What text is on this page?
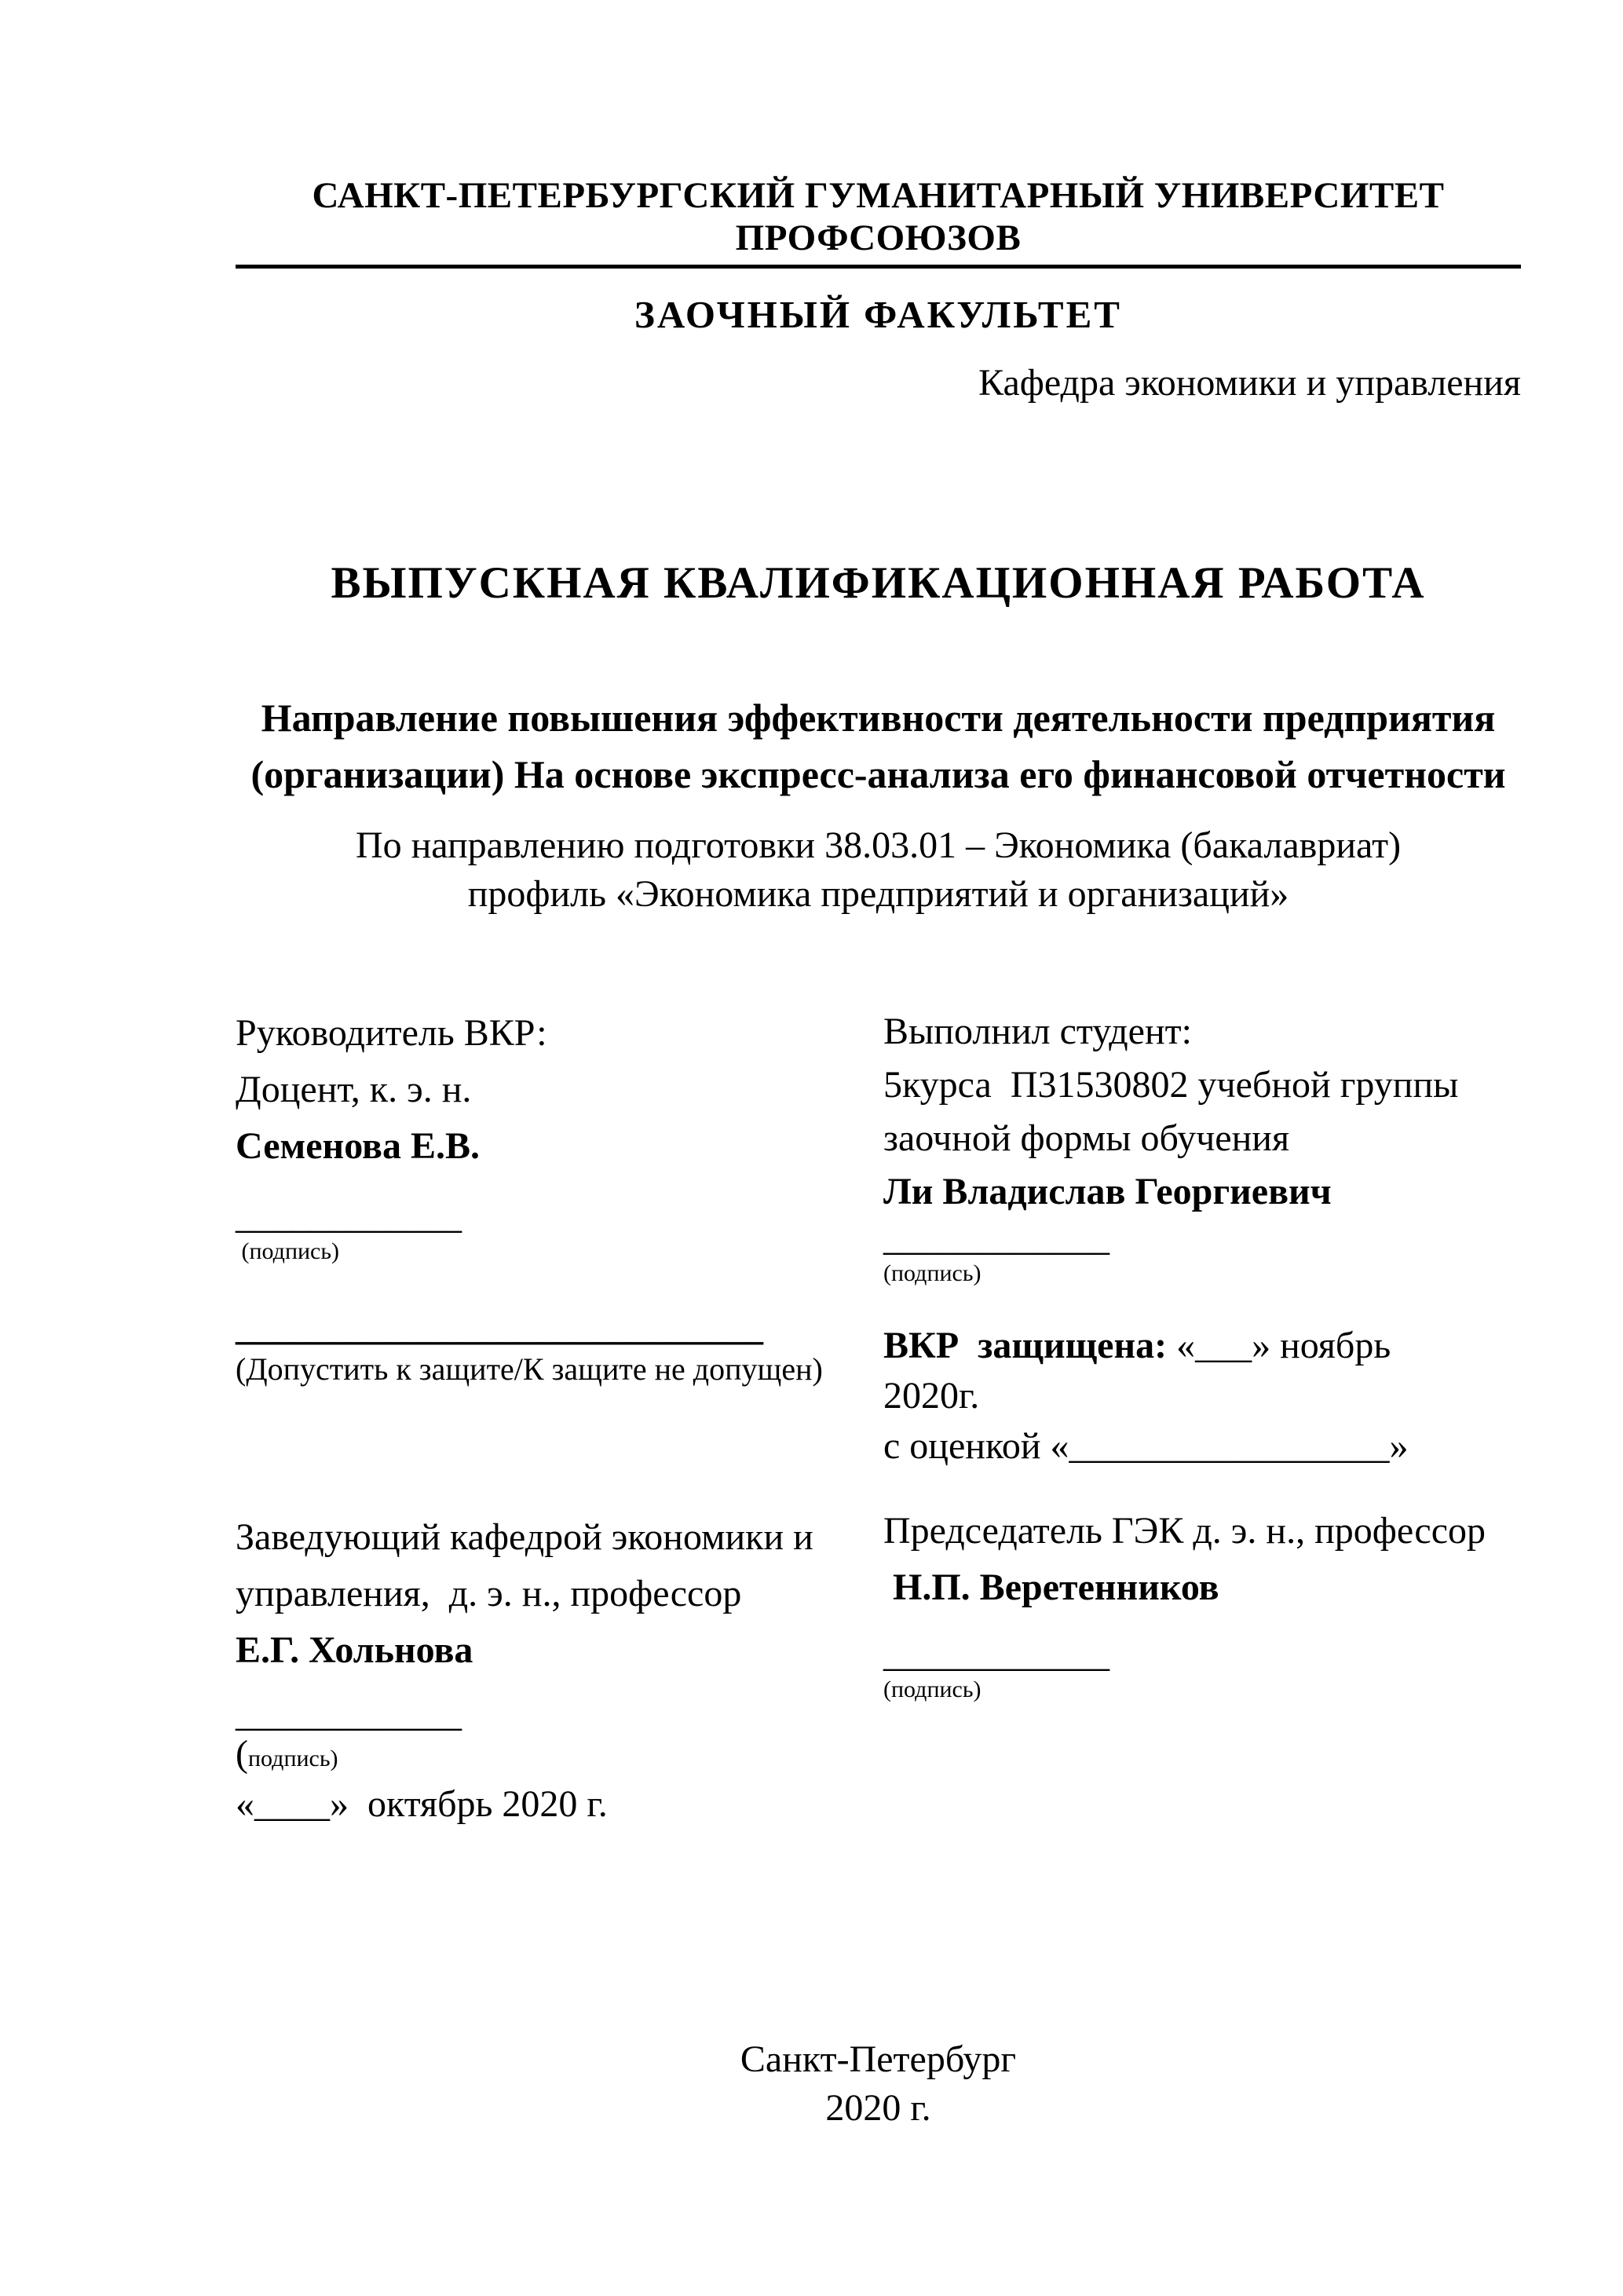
САНКТ-ПЕТЕРБУРГСКИЙ ГУМАНИТАРНЫЙ УНИВЕРСИТЕТ ПРОФСОЮЗОВ
ЗАОЧНЫЙ ФАКУЛЬТЕТ
Кафедра экономики и управления
ВЫПУСКНАЯ КВАЛИФИКАЦИОННАЯ РАБОТА
Направление повышения эффективности деятельности предприятия
(организации) На основе экспресс-анализа его финансовой отчетности
По направлению подготовки 38.03.01 – Экономика (бакалавриат)
профиль «Экономика предприятий и организаций»
Руководитель ВКР:
Доцент, к. э. н.
Семенова Е.В.
____________
(подпись)
____________________________
(Допустить к защите/К защите не допущен)
Заведующий кафедрой экономики и
управления,  д. э. н., профессор
Е.Г. Хольнова
____________
(подпись)
«____»  октябрь 2020 г.
Выполнил студент:
5курса  П31530802 учебной группы
заочной формы обучения
Ли Владислав Георгиевич
____________
(подпись)
ВКР  защищена: «___» ноябрь
2020г.
с оценкой «_________________»
Председатель ГЭК д. э. н., профессор
Н.П. Веретенников
____________
(подпись)
Санкт-Петербург
2020 г.
